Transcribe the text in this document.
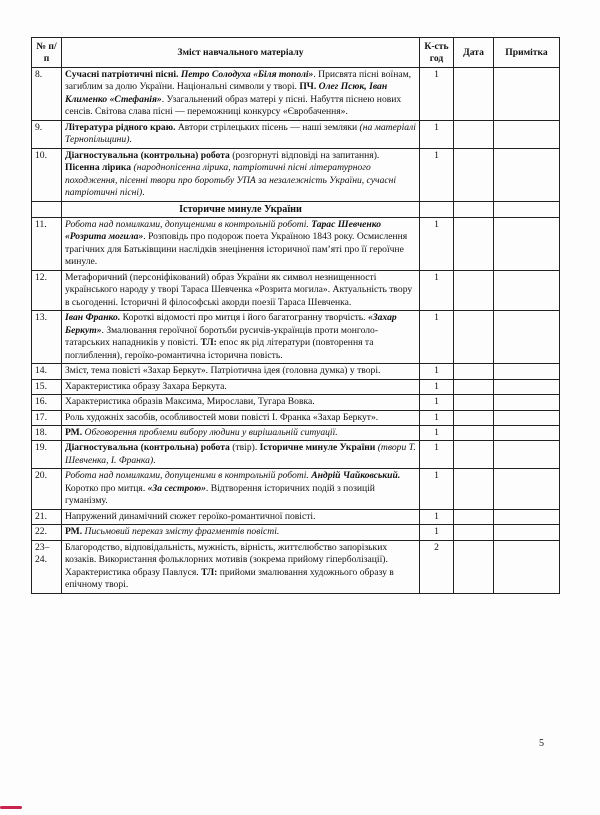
№ п/п	Зміст навчального матеріалу	К-сть год	Дата	Примітка
8.	Сучасні патріотичні пісні. Петро Солодуха «Біля тополі». Присвята пісні воїнам, загиблим за долю України. Національні символи у творі. ПЧ. Олег Псюк, Іван Клименко «Стефанія». Узагальнений образ матері у пісні. Набуття піснею нових сенсів. Світова слава пісні — переможниці конкурсу «Євробачення».	1		
9.	Література рідного краю. Автори стрілецьких пісень — наші земляки (на матеріалі Тернопільщини).	1		
10.	Діагностувальна (контрольна) робота (розгорнуті відповіді на запитання). Пісенна лірика (народнопісенна лірика, патріотичні пісні літературного походження, пісенні твори про боротьбу УПА за незалежність України, сучасні патріотичні пісні).	1		
	Історичне минуле України			
11.	Робота над помилками, допущеними в контрольній роботі. Тарас Шевченко «Розрита могила». Розповідь про подорож поета Україною 1843 року. Осмислення трагічних для Батьківщини наслідків знецінення історичної пам’яті про її героїчне минуле.	1		
12.	Метафоричний (персоніфікований) образ України як символ незнищенності українського народу у творі Тараса Шевченка «Розрита могила». Актуальність твору в сьогоденні. Історичні й філософські акорди поезії Тараса Шевченка.	1		
13.	Іван Франко. Короткі відомості про митця і його багатогранну творчість. «Захар Беркут». Змалювання героїчної боротьби русичів-українців проти монголо-татарських нападників у повісті. ТЛ: епос як рід літератури (повторення та поглиблення), героїко-романтична історична повість.	1		
14.	Зміст, тема повісті «Захар Беркут». Патріотична ідея (головна думка) у творі.	1		
15.	Характеристика образу Захара Беркута.	1		
16.	Характеристика образів Максима, Мирослави, Тугара Вовка.	1		
17.	Роль художніх засобів, особливостей мови повісті І. Франка «Захар Беркут».	1		
18.	РМ. Обговорення проблеми вибору людини у вирішальній ситуації.	1		
19.	Діагностувальна (контрольна) робота (твір). Історичне минуле України (твори Т. Шевченка, І. Франка).	1		
20.	Робота над помилками, допущеними в контрольній роботі. Андрій Чайковський. Коротко про митця. «За сестрою». Відтворення історичних подій з позицій гуманізму.	1		
21.	Напружений динамічний сюжет героїко-романтичної повісті.	1		
22.	РМ. Письмовий переказ змісту фрагментів повісті.	1		
23–24.	Благородство, відповідальність, мужність, вірність, життєлюбство запорізьких козаків. Використання фольклорних мотивів (зокрема прийому гіперболізації). Характеристика образу Павлуся. ТЛ: прийоми змалювання художнього образу в епічному творі.	2		
5
